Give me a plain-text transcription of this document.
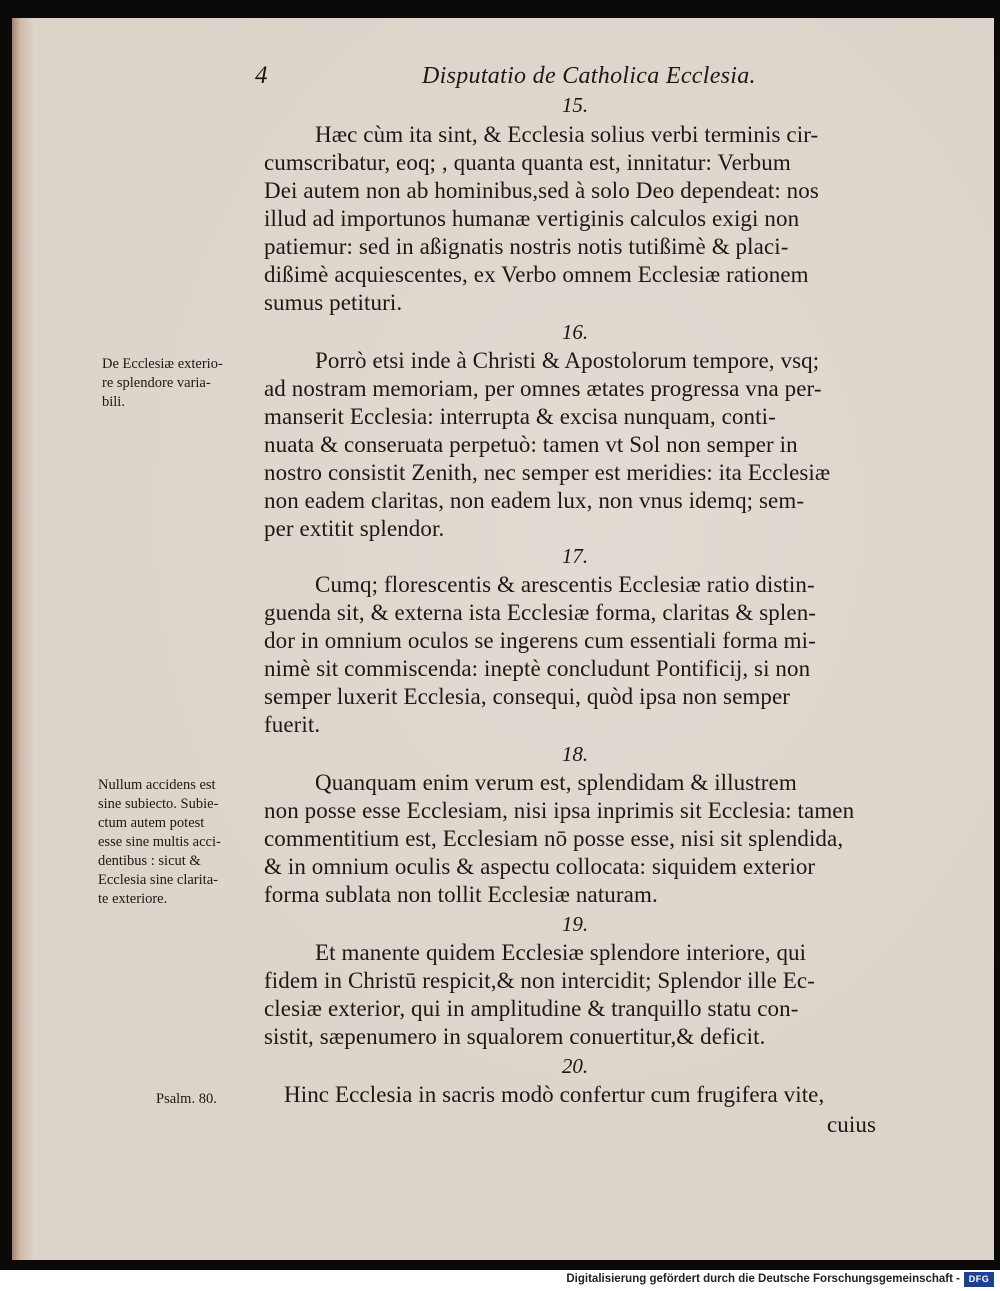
4	Disputatio de Catholica Ecclesia.
15.
Hæc cùm ita sint, & Ecclesia solius verbi terminis cir-
cumscribatur, eoq; , quanta quanta est, innitatur: Verbum
Dei autem non ab hominibus,sed à solo Deo dependeat: nos
illud ad importunos humanæ vertiginis calculos exigi non
patiemur: sed in aßignatis nostris notis tutißimè & placi-
dißimè acquiescentes, ex Verbo omnem Ecclesiæ rationem
sumus petituri.
16.
Porrò etsi inde à Christi & Apostolorum tempore, vsq;
ad nostram memoriam, per omnes ætates progressa vna per-
manserit Ecclesia: interrupta & excisa nunquam, conti-
nuata & conseruata perpetuò: tamen vt Sol non semper in
nostro consistit Zenith, nec semper est meridies: ita Ecclesiæ
non eadem claritas, non eadem lux, non vnus idemq; sem-
per extitit splendor.
De Ecclesiæ exterio-
re splendore varia-
bili.
17.
Cumq; florescentis & arescentis Ecclesiæ ratio distin-
guenda sit, & externa ista Ecclesiæ forma, claritas & splen-
dor in omnium oculos se ingerens cum essentiali forma mi-
nimè sit commiscenda: ineptè concludunt Pontificij, si non
semper luxerit Ecclesia, consequi, quòd ipsa non semper
fuerit.
18.
Quanquam enim verum est, splendidam & illustrem
non posse esse Ecclesiam, nisi ipsa inprimis sit Ecclesia: tamen
commentitium est, Ecclesiam nō posse esse, nisi sit splendida,
& in omnium oculis & aspectu collocata: siquidem exterior
forma sublata non tollit Ecclesiæ naturam.
Nullum accidens est
sine subiecto. Subie-
ctum autem potest
esse sine multis acci-
dentibus : sicut &
Ecclesia sine clarita-
te exteriore.
19.
Et manente quidem Ecclesiæ splendore interiore, qui
fidem in Christū respicit,& non intercidit; Splendor ille Ec-
clesiæ exterior, qui in amplitudine & tranquillo statu con-
sistit, sæpenumero in squalorem conuertitur,& deficit.
20.
Hinc Ecclesia in sacris modò confertur cum frugifera vite,
Psalm. 80.
cuius
Digitalisierung gefördert durch die Deutsche Forschungsgemeinschaft - DFG
